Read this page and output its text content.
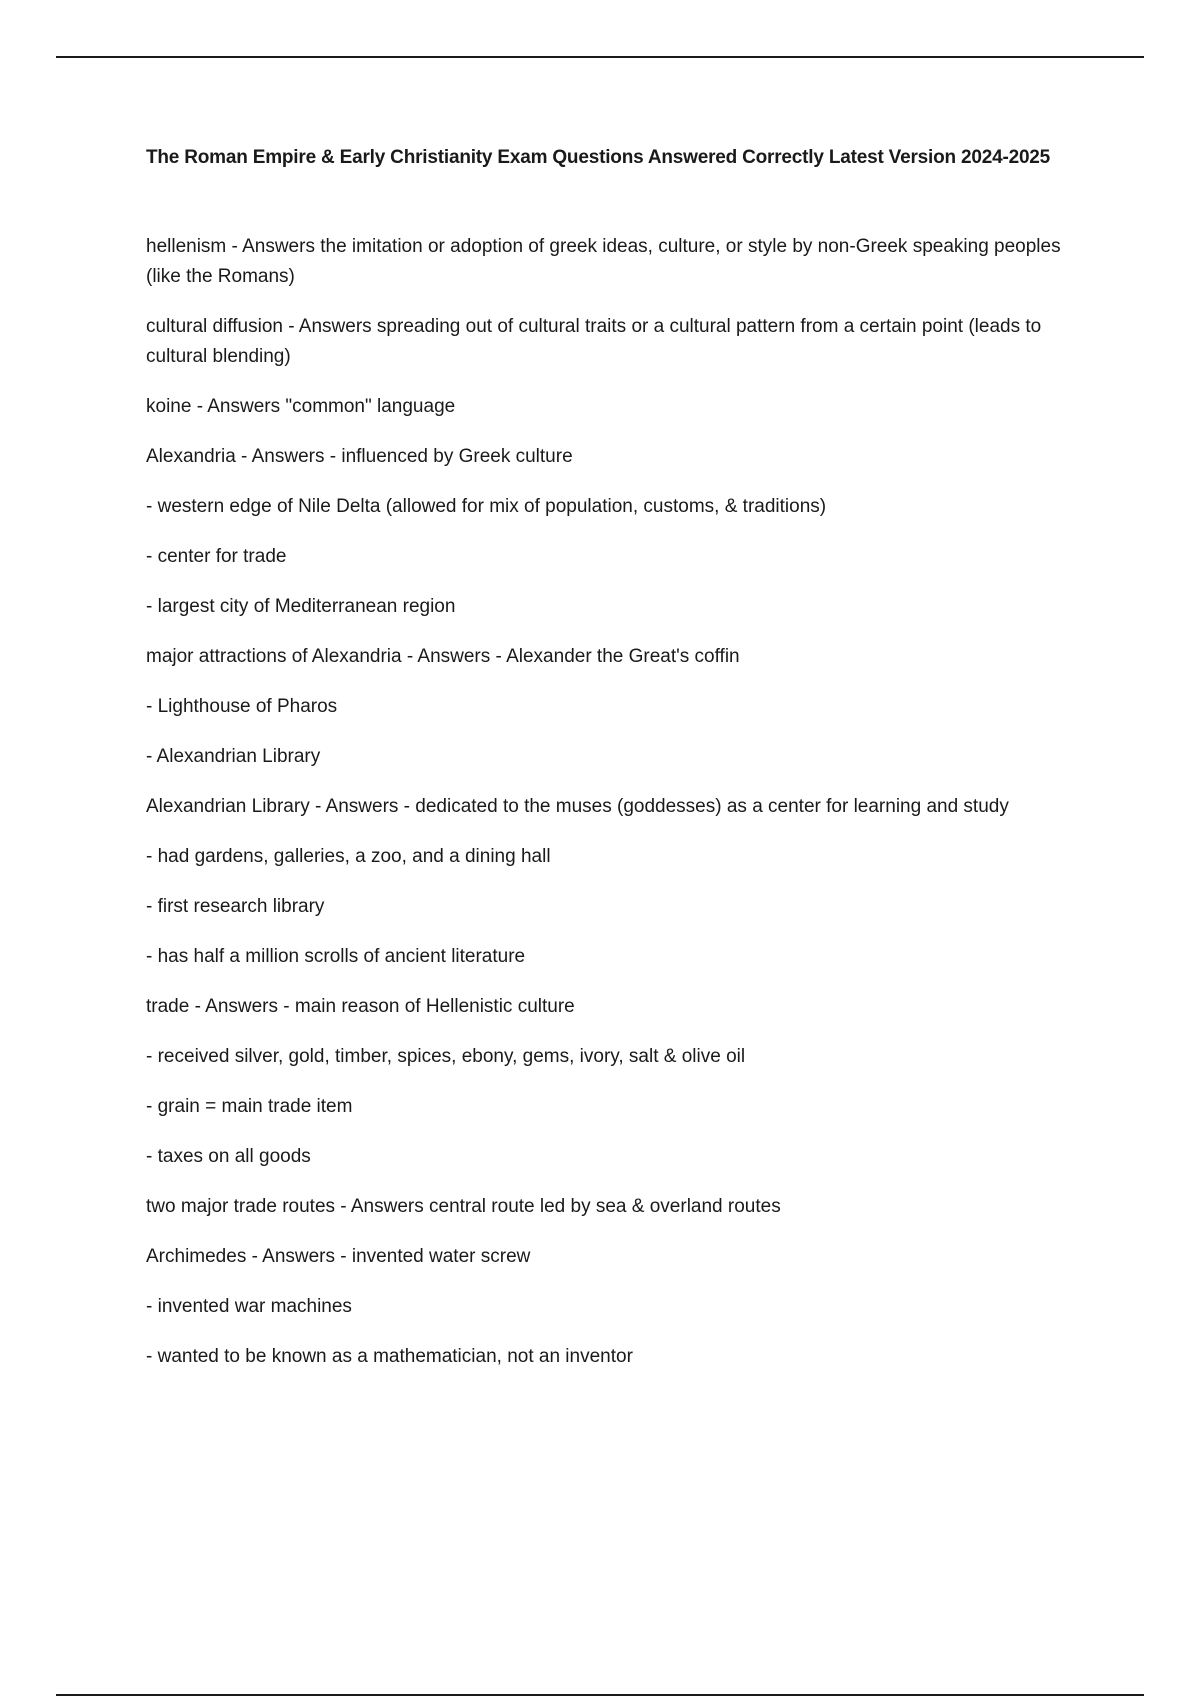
The Roman Empire & Early Christianity Exam Questions Answered Correctly Latest Version 2024-2025
hellenism - Answers the imitation or adoption of greek ideas, culture, or style by non-Greek speaking peoples (like the Romans)
cultural diffusion - Answers spreading out of cultural traits or a cultural pattern from a certain point (leads to cultural blending)
koine - Answers "common" language
Alexandria - Answers - influenced by Greek culture
- western edge of Nile Delta (allowed for mix of population, customs, & traditions)
- center for trade
- largest city of Mediterranean region
major attractions of Alexandria - Answers - Alexander the Great's coffin
- Lighthouse of Pharos
- Alexandrian Library
Alexandrian Library - Answers - dedicated to the muses (goddesses) as a center for learning and study
- had gardens, galleries, a zoo, and a dining hall
- first research library
- has half a million scrolls of ancient literature
trade - Answers - main reason of Hellenistic culture
- received silver, gold, timber, spices, ebony, gems, ivory, salt & olive oil
- grain = main trade item
- taxes on all goods
two major trade routes - Answers central route led by sea & overland routes
Archimedes - Answers - invented water screw
- invented war machines
- wanted to be known as a mathematician, not an inventor
